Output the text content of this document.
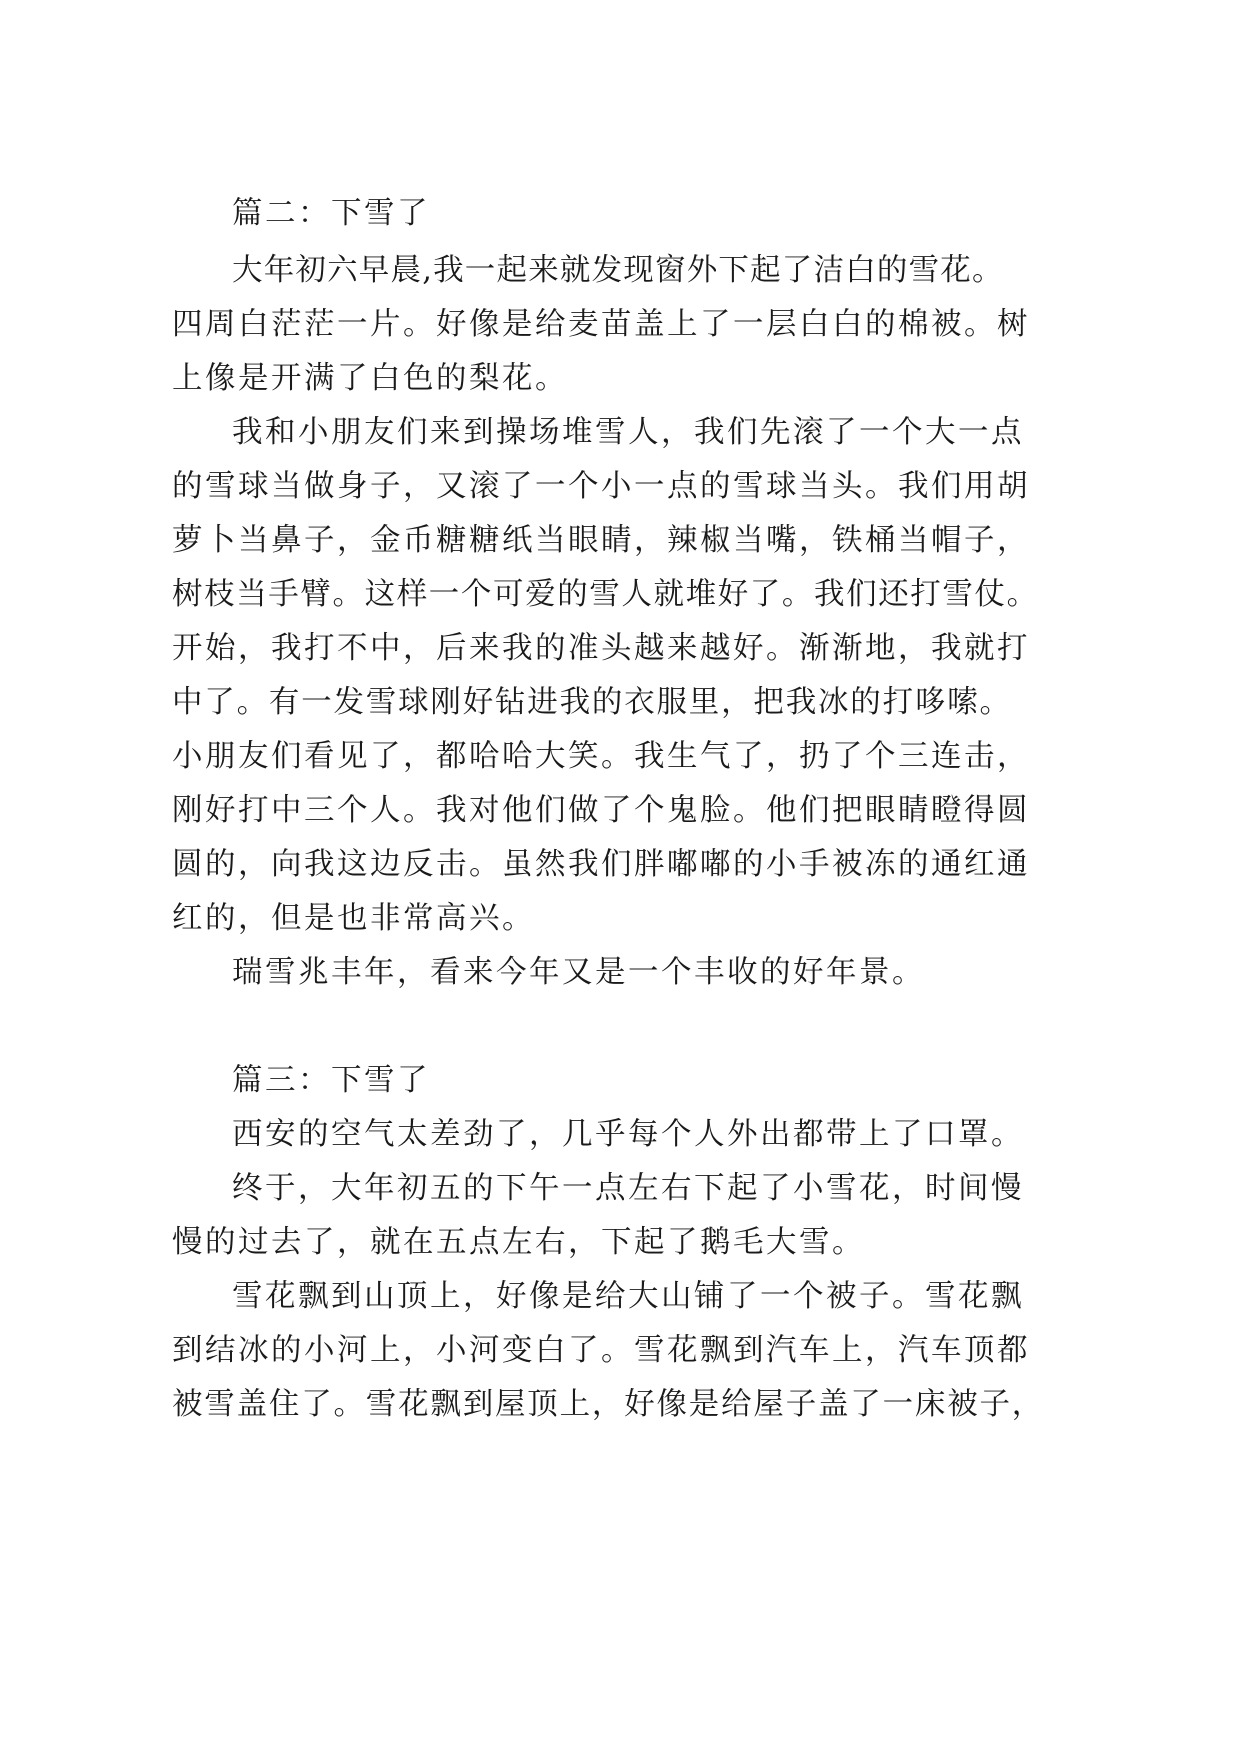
篇二：下雪了
大年初六早晨,我一起来就发现窗外下起了洁白的雪花。
四周白茫茫一片。好像是给麦苗盖上了一层白白的棉被。树
上像是开满了白色的梨花。
我和小朋友们来到操场堆雪人，我们先滚了一个大一点
的雪球当做身子，又滚了一个小一点的雪球当头。我们用胡
萝卜当鼻子，金币糖糖纸当眼睛，辣椒当嘴，铁桶当帽子，
树枝当手臂。这样一个可爱的雪人就堆好了。我们还打雪仗。
开始，我打不中，后来我的准头越来越好。渐渐地，我就打
中了。有一发雪球刚好钻进我的衣服里，把我冰的打哆嗦。
小朋友们看见了，都哈哈大笑。我生气了，扔了个三连击，
刚好打中三个人。我对他们做了个鬼脸。他们把眼睛瞪得圆
圆的，向我这边反击。虽然我们胖嘟嘟的小手被冻的通红通
红的，但是也非常高兴。
瑞雪兆丰年，看来今年又是一个丰收的好年景。
篇三：下雪了
西安的空气太差劲了，几乎每个人外出都带上了口罩。
终于，大年初五的下午一点左右下起了小雪花，时间慢
慢的过去了，就在五点左右，下起了鹅毛大雪。
雪花飘到山顶上，好像是给大山铺了一个被子。雪花飘
到结冰的小河上，小河变白了。雪花飘到汽车上，汽车顶都
被雪盖住了。雪花飘到屋顶上，好像是给屋子盖了一床被子，
